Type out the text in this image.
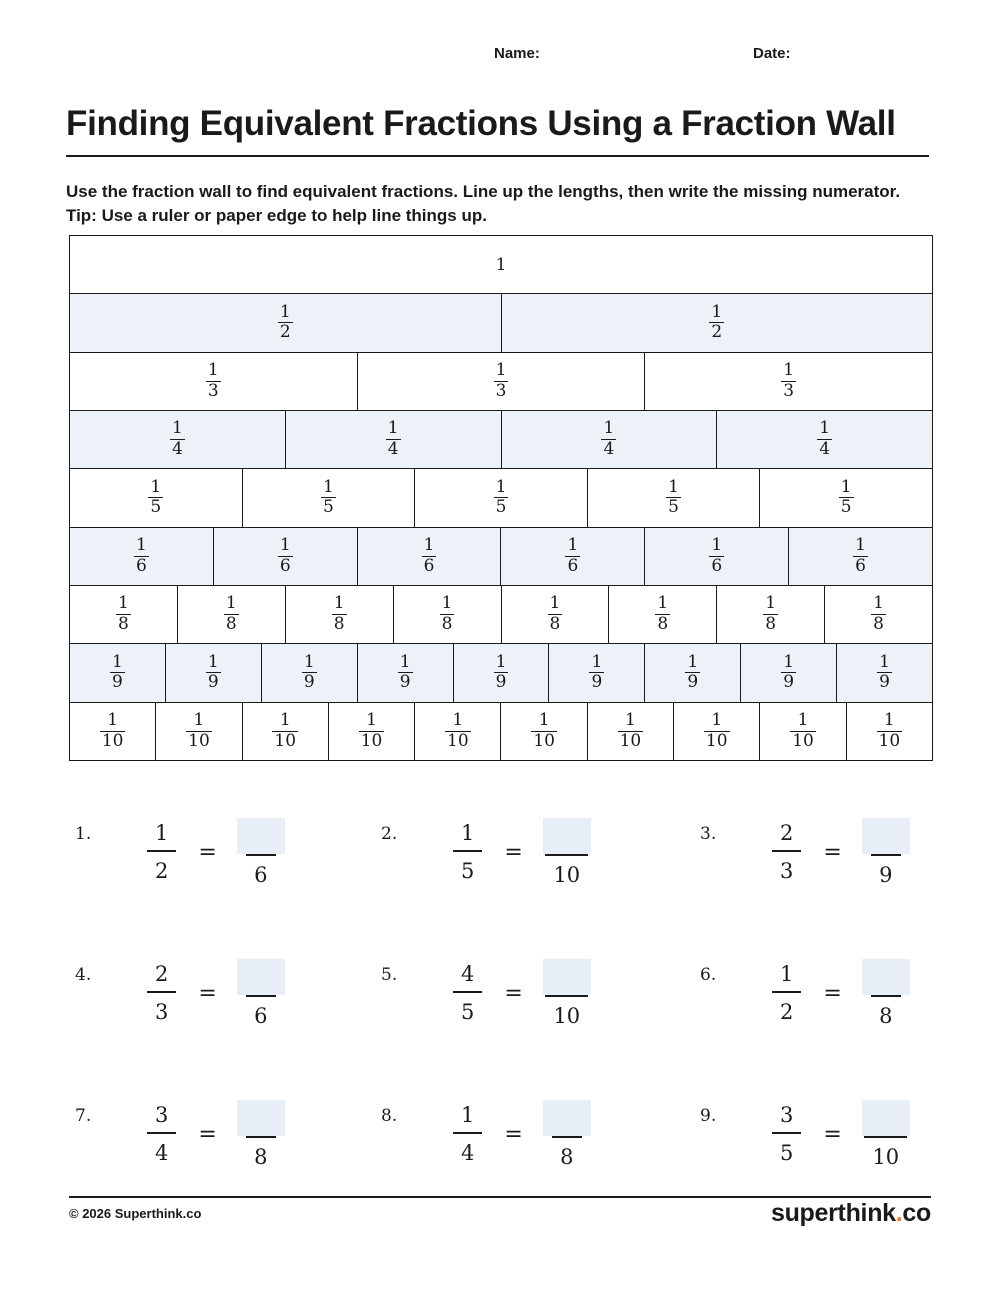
Name:	Date:
Finding Equivalent Fractions Using a Fraction Wall

Use the fraction wall to find equivalent fractions. Line up the lengths, then write the missing numerator. Tip: Use a ruler or paper edge to help line things up.

1
$\frac{1}{2}$	$\frac{1}{2}$
$\frac{1}{3}$	$\frac{1}{3}$	$\frac{1}{3}$
$\frac{1}{4}$	$\frac{1}{4}$	$\frac{1}{4}$	$\frac{1}{4}$
$\frac{1}{5}$	$\frac{1}{5}$	$\frac{1}{5}$	$\frac{1}{5}$	$\frac{1}{5}$
$\frac{1}{6}$	$\frac{1}{6}$	$\frac{1}{6}$	$\frac{1}{6}$	$\frac{1}{6}$	$\frac{1}{6}$
$\frac{1}{8}$	$\frac{1}{8}$	$\frac{1}{8}$	$\frac{1}{8}$	$\frac{1}{8}$	$\frac{1}{8}$	$\frac{1}{8}$	$\frac{1}{8}$
$\frac{1}{9}$	$\frac{1}{9}$	$\frac{1}{9}$	$\frac{1}{9}$	$\frac{1}{9}$	$\frac{1}{9}$	$\frac{1}{9}$	$\frac{1}{9}$	$\frac{1}{9}$
$\frac{1}{10}$	$\frac{1}{10}$	$\frac{1}{10}$	$\frac{1}{10}$	$\frac{1}{10}$	$\frac{1}{10}$	$\frac{1}{10}$	$\frac{1}{10}$	$\frac{1}{10}$	$\frac{1}{10}$
1.	$\frac{1}{2}$ =
6
2.	$\frac{1}{5}$ =
10
3.	$\frac{2}{3}$ =
9
4.	$\frac{2}{3}$ =
6
5.	$\frac{4}{5}$ =
10
6.	$\frac{1}{2}$ =
8
7.	$\frac{3}{4}$ =
8
8.	$\frac{1}{4}$ =
8
9.	$\frac{3}{5}$ =
10
© 2026 Superthink.co	superthink.co
